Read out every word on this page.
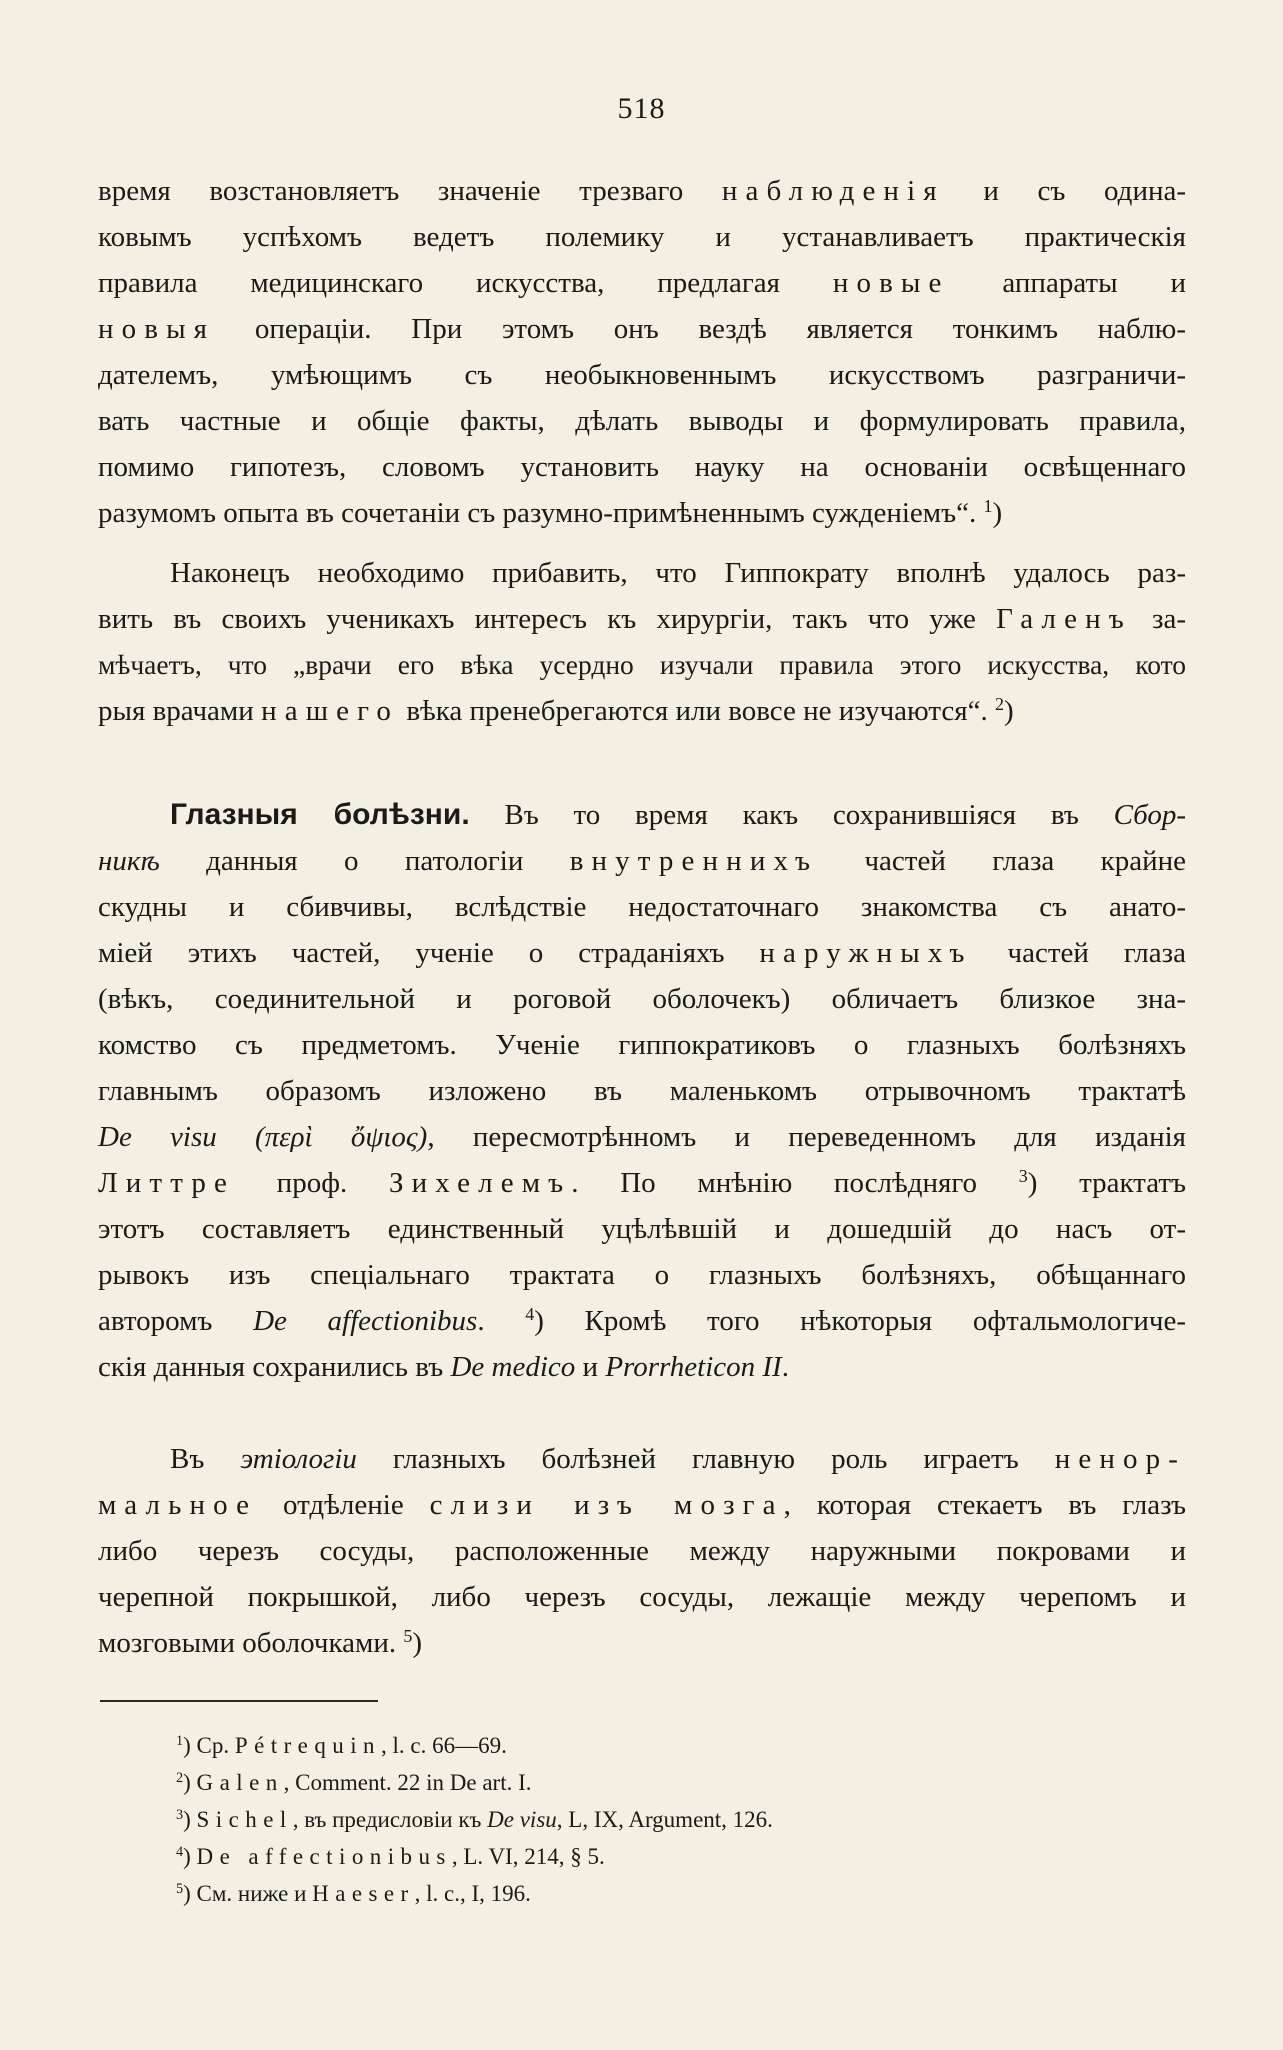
518
время возстановляетъ значеніе трезваго наблюденія и съ одина-
ковымъ успѣхомъ ведетъ полемику и устанавливаетъ практическія
правила медицинскаго искусства, предлагая новые аппараты и
новыя операціи. При этомъ онъ вездѣ является тонкимъ наблю-
дателемъ, умѣющимъ съ необыкновеннымъ искусствомъ разграничи-
вать частные и общіе факты, дѣлать выводы и формулировать правила,
помимо гипотезъ, словомъ установить науку на основаніи освѣщеннаго
разумомъ опыта въ сочетаніи съ разумно-примѣненнымъ сужденіемъ“. $^1$)
Наконецъ необходимо прибавить, что Гиппократу вполнѣ удалось раз-
вить въ своихъ ученикахъ интересъ къ хирургіи, такъ что уже Галенъ за-
мѣчаетъ, что „врачи его вѣка усердно изучали правила этого искусства, кото
рыя врачами нашего вѣка пренебрегаются или вовсе не изучаются“. $^2$)
Глазныя болѣзни. Въ то время какъ сохранившіяся въ Сбор-
никѣ данныя о патологіи внутреннихъ частей глаза крайне
скудны и сбивчивы, вслѣдствіе недостаточнаго знакомства съ анато-
міей этихъ частей, ученіе о страданіяхъ наружныхъ частей глаза
(вѣкъ, соединительной и роговой оболочекъ) обличаетъ близкое зна-
комство съ предметомъ. Ученіе гиппократиковъ о глазныхъ болѣзняхъ
главнымъ образомъ изложено въ маленькомъ отрывочномъ трактатѣ
De visu (περὶ ὄψιος), пересмотрѣнномъ и переведенномъ для изданія
Литтре проф. Зихелемъ. По мнѣнію послѣдняго $^3$) трактатъ
этотъ составляетъ единственный уцѣлѣвшій и дошедшій до насъ от-
рывокъ изъ спеціальнаго трактата о глазныхъ болѣзняхъ, обѣщаннаго
авторомъ De affectionibus. $^4$) Кромѣ того нѣкоторыя офтальмологиче-
скія данныя сохранились въ De medico и Prorrheticon II.
Въ этіологіи глазныхъ болѣзней главную роль играетъ ненор-
мальное отдѣленіе слизи изъ мозга, которая стекаетъ въ глазъ
либо черезъ сосуды, расположенные между наружными покровами и
черепной покрышкой, либо черезъ сосуды, лежащіе между черепомъ и
мозговыми оболочками. $^5$)
$^1$) Cp. Pétrequin, l. c. 66—69.
$^2$) Galen, Comment. 22 in De art. I.
$^3$) Sichel, въ предисловіи къ De visu, L, IX, Argument, 126.
$^4$) De affectionibus, L. VI, 214, § 5.
$^5$) См. ниже и Haeser, l. c., I, 196.
